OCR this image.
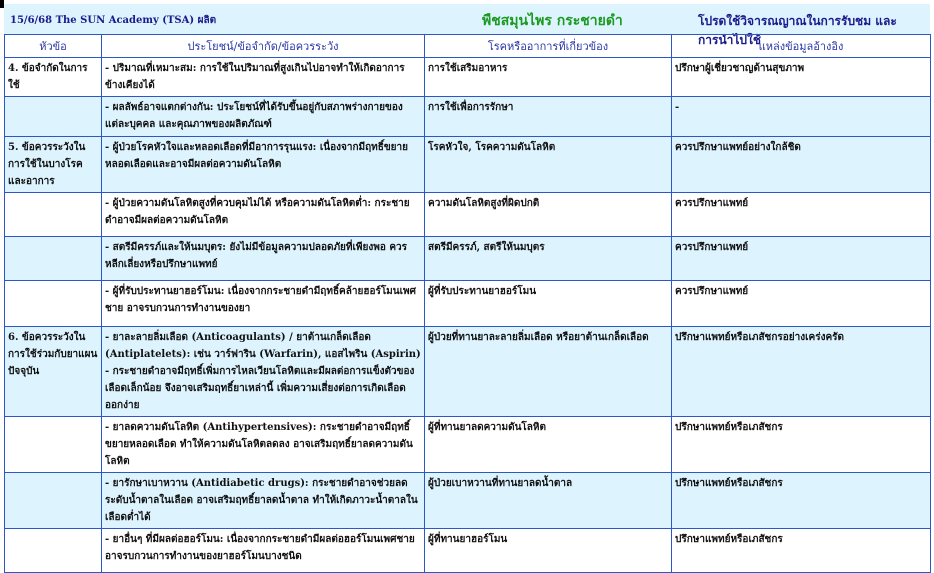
15/6/68 The SUN Academy (TSA) ผลิต	พืชสมุนไพร กระชายดำ	โปรดใช้วิจารณญาณในการรับชม และ การนำไปใช้
หัวข้อ	ประโยชน์/ข้อจำกัด/ข้อควรระวัง	โรคหรืออาการที่เกี่ยวข้อง	แหล่งข้อมูลอ้างอิง
4. ข้อจำกัดในการใช้	- ปริมาณที่เหมาะสม: การใช้ในปริมาณที่สูงเกินไปอาจทำให้เกิดอาการข้างเคียงได้	การใช้เสริมอาหาร	ปรึกษาผู้เชี่ยวชาญด้านสุขภาพ
	- ผลลัพธ์อาจแตกต่างกัน: ประโยชน์ที่ได้รับขึ้นอยู่กับสภาพร่างกายของแต่ละบุคคล และคุณภาพของผลิตภัณฑ์	การใช้เพื่อการรักษา	-
5. ข้อควรระวังในการใช้ในบางโรคและอาการ	- ผู้ป่วยโรคหัวใจและหลอดเลือดที่มีอาการรุนแรง: เนื่องจากมีฤทธิ์ขยายหลอดเลือดและอาจมีผลต่อความดันโลหิต	โรคหัวใจ, โรคความดันโลหิต	ควรปรึกษาแพทย์อย่างใกล้ชิด
	- ผู้ป่วยความดันโลหิตสูงที่ควบคุมไม่ได้ หรือความดันโลหิตต่ำ: กระชายดำอาจมีผลต่อความดันโลหิต	ความดันโลหิตสูงที่ผิดปกติ	ควรปรึกษาแพทย์
	- สตรีมีครรภ์และให้นมบุตร: ยังไม่มีข้อมูลความปลอดภัยที่เพียงพอ ควรหลีกเลี่ยงหรือปรึกษาแพทย์	สตรีมีครรภ์, สตรีให้นมบุตร	ควรปรึกษาแพทย์
	- ผู้ที่รับประทานยาฮอร์โมน: เนื่องจากกระชายดำมีฤทธิ์คล้ายฮอร์โมนเพศชาย อาจรบกวนการทำงานของยา	ผู้ที่รับประทานยาฮอร์โมน	ควรปรึกษาแพทย์
6. ข้อควรระวังในการใช้ร่วมกับยาแผนปัจจุบัน	- ยาละลายลิ่มเลือด (Anticoagulants) / ยาต้านเกล็ดเลือด (Antiplatelets): เช่น วาร์ฟาริน (Warfarin), แอสไพริน (Aspirin) - กระชายดำอาจมีฤทธิ์เพิ่มการไหลเวียนโลหิตและมีผลต่อการแข็งตัวของเลือดเล็กน้อย จึงอาจเสริมฤทธิ์ยาเหล่านี้ เพิ่มความเสี่ยงต่อการเกิดเลือดออกง่าย	ผู้ป่วยที่ทานยาละลายลิ่มเลือด หรือยาต้านเกล็ดเลือด	ปรึกษาแพทย์หรือเภสัชกรอย่างเคร่งครัด
	- ยาลดความดันโลหิต (Antihypertensives): กระชายดำอาจมีฤทธิ์ขยายหลอดเลือด ทำให้ความดันโลหิตลดลง อาจเสริมฤทธิ์ยาลดความดันโลหิต	ผู้ที่ทานยาลดความดันโลหิต	ปรึกษาแพทย์หรือเภสัชกร
	- ยารักษาเบาหวาน (Antidiabetic drugs): กระชายดำอาจช่วยลดระดับน้ำตาลในเลือด อาจเสริมฤทธิ์ยาลดน้ำตาล ทำให้เกิดภาวะน้ำตาลในเลือดต่ำได้	ผู้ป่วยเบาหวานที่ทานยาลดน้ำตาล	ปรึกษาแพทย์หรือเภสัชกร
	- ยาอื่นๆ ที่มีผลต่อฮอร์โมน: เนื่องจากกระชายดำมีผลต่อฮอร์โมนเพศชาย อาจรบกวนการทำงานของยาฮอร์โมนบางชนิด	ผู้ที่ทานยาฮอร์โมน	ปรึกษาแพทย์หรือเภสัชกร
